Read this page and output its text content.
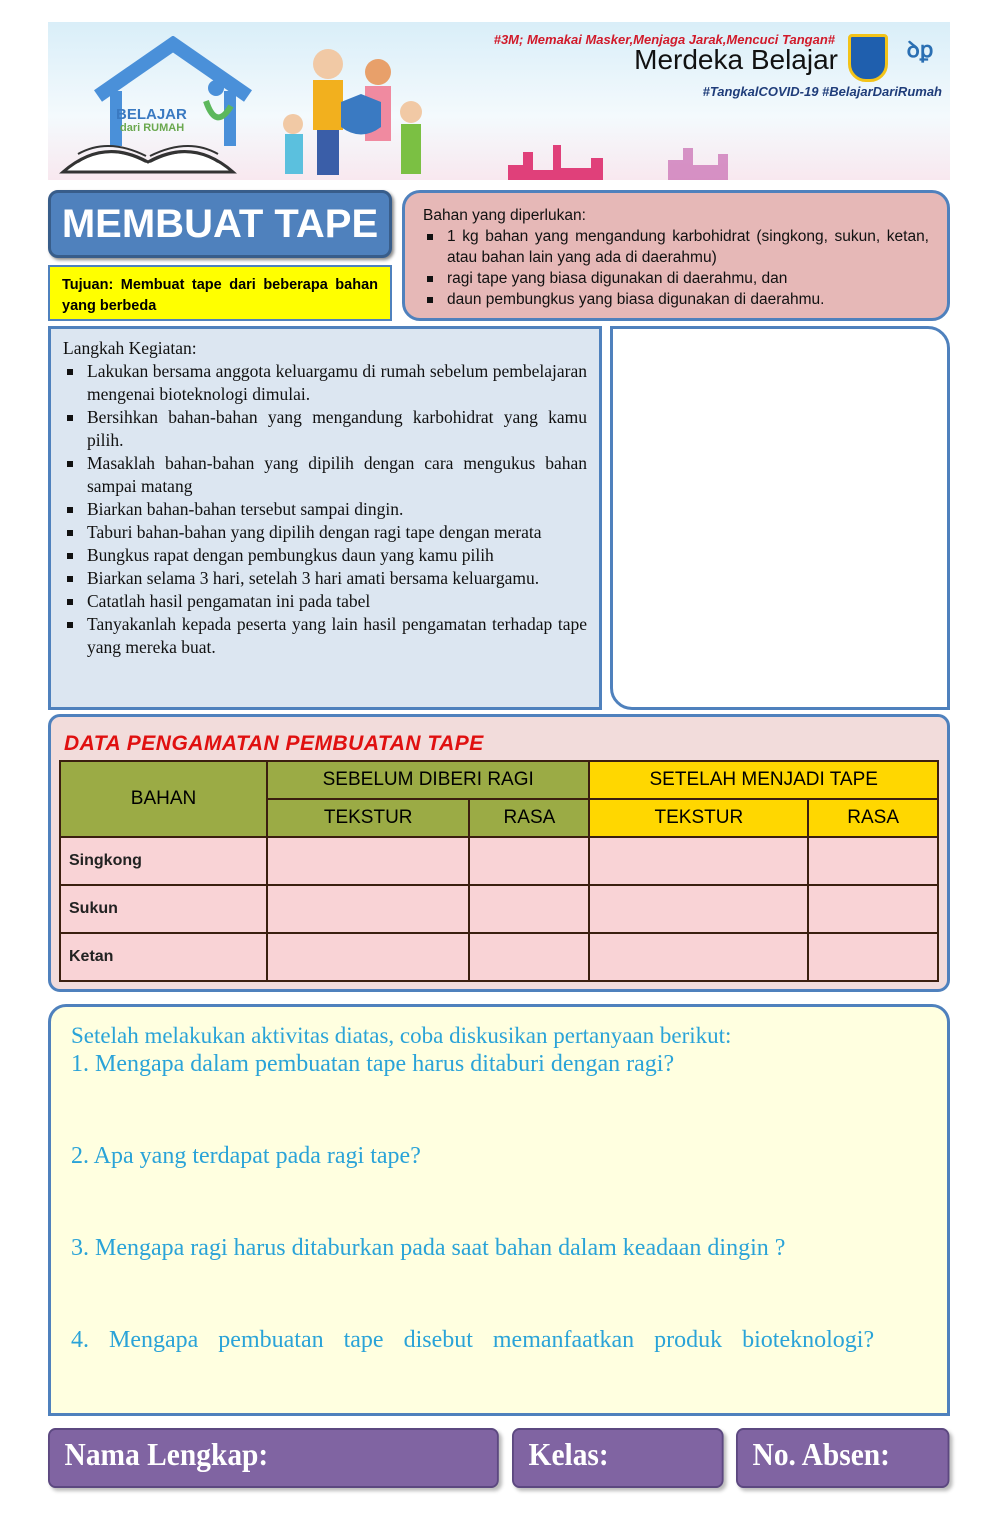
BELAJAR
dari RUMAH
#3M; Memakai Masker,Menjaga Jarak,Mencuci Tangan#
Merdeka Belajar
#TangkalCOVID-19 #BelajarDariRumah
ꝺꝑ
MEMBUAT TAPE
Tujuan: Membuat tape dari beberapa bahan yang berbeda
Bahan yang diperlukan:
1 kg bahan yang mengandung karbohidrat (singkong, sukun, ketan, atau bahan lain yang ada di daerahmu)
ragi tape yang biasa digunakan di daerahmu, dan
daun pembungkus yang biasa digunakan di daerahmu.
Langkah Kegiatan:
Lakukan bersama anggota keluargamu di rumah sebelum pembelajaran mengenai bioteknologi dimulai.
Bersihkan bahan-bahan yang mengandung karbohidrat yang kamu pilih.
Masaklah bahan-bahan yang dipilih dengan cara mengukus bahan sampai matang
Biarkan bahan-bahan tersebut sampai dingin.
Taburi bahan-bahan yang dipilih dengan ragi tape dengan merata
Bungkus rapat dengan pembungkus daun yang kamu pilih
Biarkan selama 3 hari, setelah 3 hari amati bersama keluargamu.
Catatlah hasil pengamatan ini pada tabel
Tanyakanlah kepada peserta yang lain hasil pengamatan terhadap tape yang mereka buat.
DATA PENGAMATAN PEMBUATAN TAPE
BAHAN	SEBELUM DIBERI RAGI		SETELAH MENJADI TAPE	
	TEKSTUR	RASA	TEKSTUR	RASA
Singkong				
Sukun				
Ketan				
Setelah melakukan aktivitas diatas, coba diskusikan pertanyaan berikut:
1. Mengapa dalam pembuatan tape harus ditaburi dengan ragi?
2. Apa yang terdapat pada ragi tape?
3. Mengapa ragi harus ditaburkan pada saat bahan dalam keadaan dingin ?
4. Mengapa pembuatan tape disebut memanfaatkan produk bioteknologi?
Nama Lengkap:	Kelas:	No. Absen:
